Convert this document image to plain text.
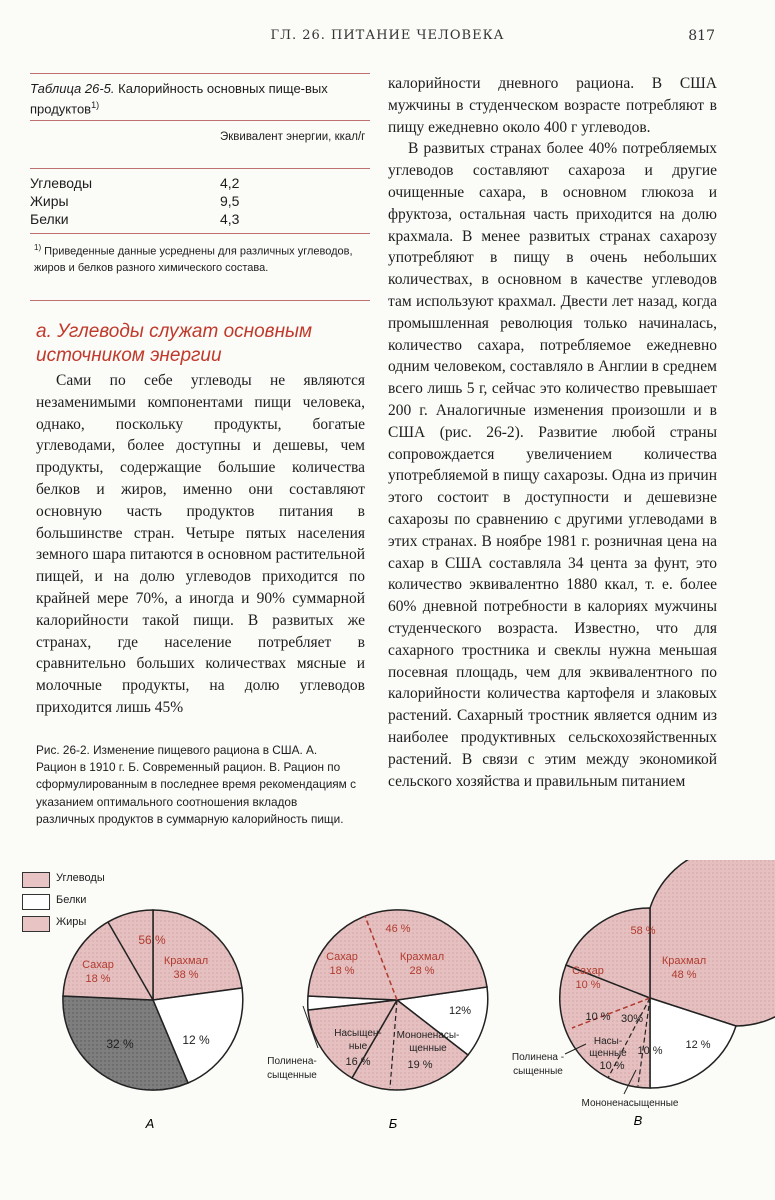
ГЛ. 26. ПИТАНИЕ ЧЕЛОВЕКА	817
Таблица 26-5. Калорийность основных пище-вых продуктов$^{1)}$
Эквивалент энергии, ккал/г
Углеводы	4,2
Жиры	9,5
Белки	4,3
$^{1)}$ Приведенные данные усреднены для различных углеводов, жиров и белков разного химического состава.
а. Углеводы служат основным источником энергии

Сами по себе углеводы не являются незаменимыми компонентами пищи человека, однако, поскольку продукты, богатые углеводами, более доступны и дешевы, чем продукты, содержащие большие количества белков и жиров, именно они составляют основную часть продуктов питания в большинстве стран. Четыре пятых населения земного шара питаются в основном растительной пищей, и на долю углеводов приходится по крайней мере 70%, а иногда и 90% суммарной калорийности такой пищи. В развитых же странах, где население потребляет в сравнительно больших количествах мясные и молочные продукты, на долю углеводов приходится лишь 45%

калорийности дневного рациона. В США мужчины в студенческом возрасте потребляют в пищу ежедневно около 400 г углеводов.

В развитых странах более 40% потребляемых углеводов составляют сахароза и другие очищенные сахара, в основном глюкоза и фруктоза, остальная часть приходится на долю крахмала. В менее развитых странах сахарозу употребляют в пищу в очень небольших количествах, в основном в качестве углеводов там используют крахмал. Двести лет назад, когда промышленная революция только начиналась, количество сахара, потребляемое ежедневно одним человеком, составляло в Англии в среднем всего лишь 5 г, сейчас это количество превышает 200 г. Аналогичные изменения произошли и в США (рис. 26-2). Развитие любой страны сопровождается увеличением количества употребляемой в пищу сахарозы. Одна из причин этого состоит в доступности и дешевизне сахарозы по сравнению с другими углеводами в этих странах. В ноябре 1981 г. розничная цена на сахар в США составляла 34 цента за фунт, это количество эквивалентно 1880 ккал, т. е. более 60% дневной потребности в калориях мужчины студенческого возраста. Известно, что для сахарного тростника и свеклы нужна меньшая посевная площадь, чем для эквивалентного по калорийности количества картофеля и злаковых растений. Сахарный тростник является одним из наиболее продуктивных сельскохозяйственных растений. В связи с этим между экономикой сельского хозяйства и правильным питанием

Рис. 26-2. Изменение пищевого рациона в США. А. Рацион в 1910 г. Б. Современный рацион. В. Рацион по сформулированным в последнее время рекомендациям с указанием оптимального соотношения вкладов различных продуктов в суммарную калорийность пищи.
Углеводы
Белки
Жиры
56 %
Сахар
18 %
Крахмал
38 %
32 %	12 %
А
46 %
Сахар
18 %
Крахмал
28 %
12%
Насыщен-
ные
16 %
Мононенасы-
щенные
19 %
Полинена-
сыщенные
Б
58 %
Сахар
10 %
Крахмал
48 %
30%
10 %
Насы-
щенные
10 %
10 % 12 %
Полинена -
сыщенные
Мононенасыщенные
В
